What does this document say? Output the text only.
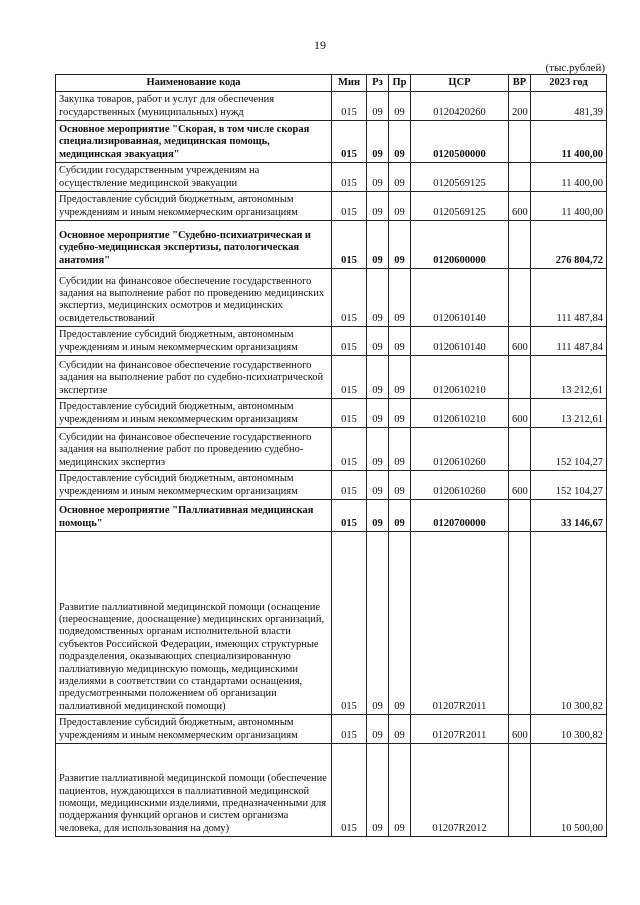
19
(тыс.рублей)
Наименование кода	Мин	Рз	Пр	ЦСР	ВР	2023 год
Закупка товаров, работ и услуг для обеспечения государственных (муниципальных) нужд	015	09	09	0120420260	200	481,39
Основное мероприятие "Скорая, в том числе скорая специализированная, медицинская помощь, медицинская эвакуация"	015	09	09	0120500000		11 400,00
Субсидии государственным учреждениям на осуществление медицинской эвакуации	015	09	09	0120569125		11 400,00
Предоставление субсидий бюджетным, автономным учреждениям и иным некоммерческим организациям	015	09	09	0120569125	600	11 400,00
Основное мероприятие "Судебно-психиатрическая и судебно-медицинская экспертизы, патологическая анатомия"	015	09	09	0120600000		276 804,72
Субсидии на финансовое обеспечение государственного задания на выполнение работ по проведению медицинских экспертиз, медицинских осмотров и медицинских освидетельствований	015	09	09	0120610140		111 487,84
Предоставление субсидий бюджетным, автономным учреждениям и иным некоммерческим организациям	015	09	09	0120610140	600	111 487,84
Субсидии на финансовое обеспечение государственного задания на выполнение работ по судебно-психиатрической экспертизе	015	09	09	0120610210		13 212,61
Предоставление субсидий бюджетным, автономным учреждениям и иным некоммерческим организациям	015	09	09	0120610210	600	13 212,61
Субсидии на финансовое обеспечение государственного задания на выполнение работ по проведению судебно-медицинских экспертиз	015	09	09	0120610260		152 104,27
Предоставление субсидий бюджетным, автономным учреждениям и иным некоммерческим организациям	015	09	09	0120610260	600	152 104,27
Основное мероприятие "Паллиативная медицинская помощь"	015	09	09	0120700000		33 146,67
Развитие паллиативной медицинской помощи (оснащение (переоснащение, дооснащение) медицинских организаций, подведомственных органам исполнительной власти субъектов Российской Федерации, имеющих структурные подразделения, оказывающих специализированную паллиативную медицинскую помощь, медицинскими изделиями в соответствии со стандартами оснащения, предусмотренными положением об организации паллиативной медицинской помощи)	015	09	09	01207R2011		10 300,82
Предоставление субсидий бюджетным, автономным учреждениям и иным некоммерческим организациям	015	09	09	01207R2011	600	10 300,82
Развитие паллиативной медицинской помощи (обеспечение пациентов, нуждающихся в паллиативной медицинской помощи, медицинскими изделиями, предназначенными для поддержания функций органов и систем организма человека, для использования на дому)	015	09	09	01207R2012		10 500,00
